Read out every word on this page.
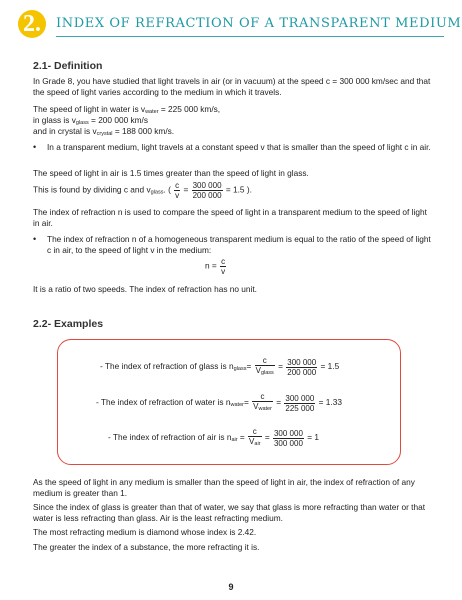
2.	INDEX OF REFRACTION OF A TRANSPARENT MEDIUM
2.1- Definition
In Grade 8, you have studied that light travels in air (or in vacuum) at the speed c = 300 000 km/sec and that the speed of light varies according to the medium in which it travels.
The speed of light in water is vwater = 225 000 km/s,
in glass is vglass = 200 000 km/s
and in crystal is vcrystal = 188 000 km/s.
• In a transparent medium, light travels at a constant speed v that is smaller than the speed of light c in air.
The speed of light in air is 1.5 times greater than the speed of light in glass.
This is found by dividing c and vglass. ( $\frac{c}{v} = \frac{300 000}{200 000} = 1.5$ ).
The index of refraction n is used to compare the speed of light in a transparent medium to the speed of light in air.
• The index of refraction n of a homogeneous transparent medium is equal to the ratio of the speed of light c in air, to the speed of light v in the medium:
$n = \frac{c}{v}$
It is a ratio of two speeds. The index of refraction has no unit.
2.2- Examples
- The index of refraction of glass is nglass= $\frac{c}{\text{Vglass}} = \frac{300 000}{200 000} = 1.5$
- The index of refraction of water is nwater= $\frac{c}{\text{Vwater}} = \frac{300 000}{225 000} = 1.33$
- The index of refraction of air is nair = $\frac{c}{\text{Vair}} = \frac{300 000}{300 000} = 1$
As the speed of light in any medium is smaller than the speed of light in air, the index of refraction of any medium is greater than 1.
Since the index of glass is greater than that of water, we say that glass is more refracting than water or that water is less refracting than glass. Air is the least refracting medium.
The most refracting medium is diamond whose index is 2.42.
The greater the index of a substance, the more refracting it is.
9
